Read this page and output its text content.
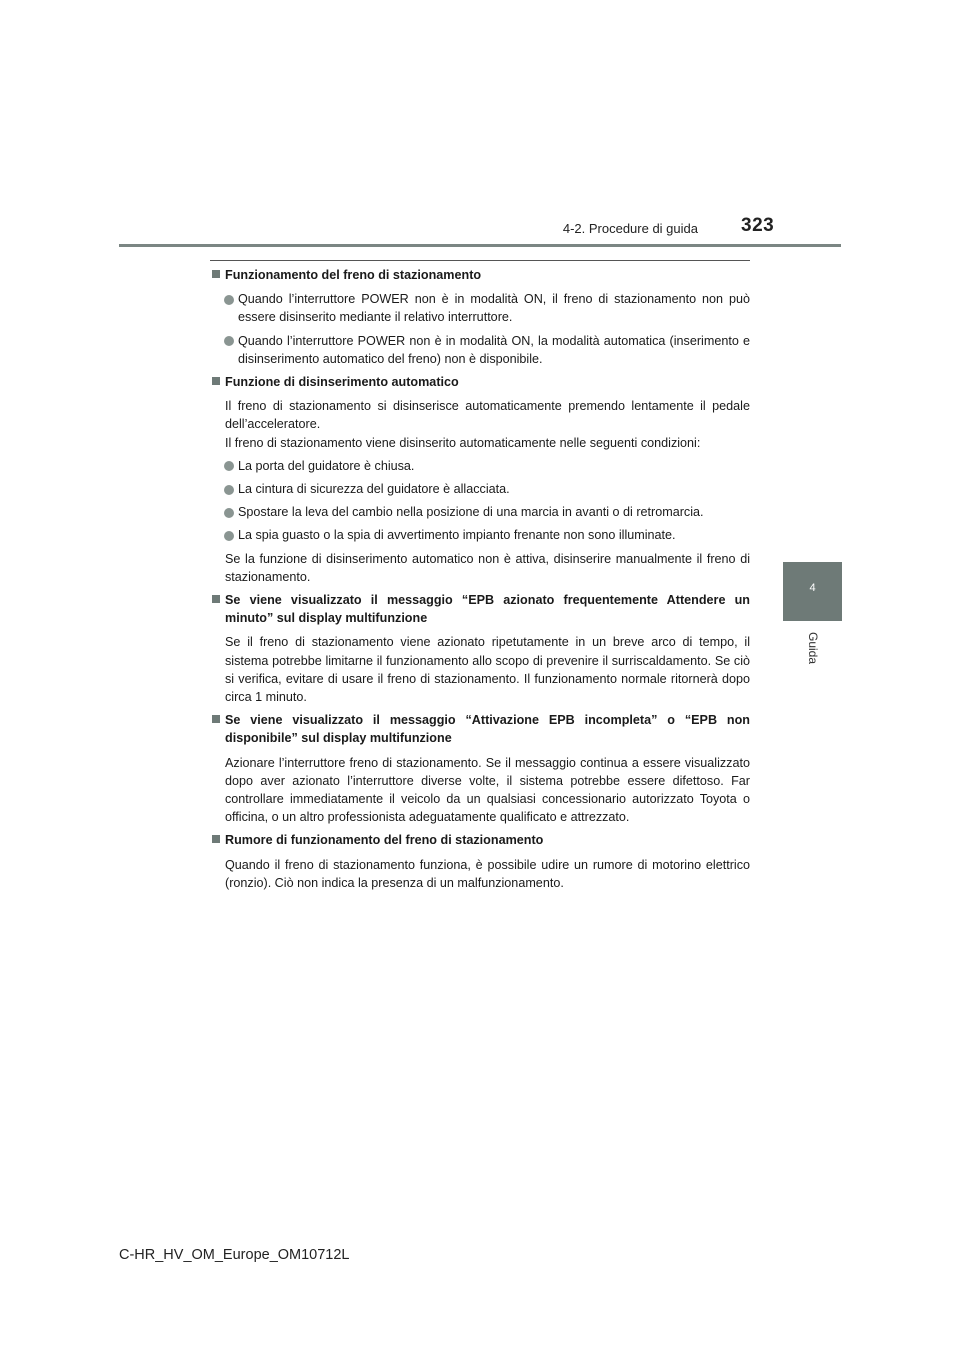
4-2. Procedure di guida 323
4
Guida
Funzionamento del freno di stazionamento
Quando l’interruttore POWER non è in modalità ON, il freno di stazionamento non può essere disinserito mediante il relativo interruttore.
Quando l’interruttore POWER non è in modalità ON, la modalità automatica (inserimento e disinserimento automatico del freno) non è disponibile.
Funzione di disinserimento automatico
Il freno di stazionamento si disinserisce automaticamente premendo lentamente il pedale dell’acceleratore.
Il freno di stazionamento viene disinserito automaticamente nelle seguenti condizioni:
La porta del guidatore è chiusa.
La cintura di sicurezza del guidatore è allacciata.
Spostare la leva del cambio nella posizione di una marcia in avanti o di retromarcia.
La spia guasto o la spia di avvertimento impianto frenante non sono illuminate.
Se la funzione di disinserimento automatico non è attiva, disinserire manualmente il freno di stazionamento.
Se viene visualizzato il messaggio “EPB azionato frequentemente Attendere un minuto” sul display multifunzione
Se il freno di stazionamento viene azionato ripetutamente in un breve arco di tempo, il sistema potrebbe limitarne il funzionamento allo scopo di prevenire il surriscaldamento. Se ciò si verifica, evitare di usare il freno di stazionamento. Il funzionamento normale ritornerà dopo circa 1 minuto.
Se viene visualizzato il messaggio “Attivazione EPB incompleta” o “EPB non disponibile” sul display multifunzione
Azionare l’interruttore freno di stazionamento. Se il messaggio continua a essere visualizzato dopo aver azionato l’interruttore diverse volte, il sistema potrebbe essere difettoso. Far controllare immediatamente il veicolo da un qualsiasi concessionario autorizzato Toyota o officina, o un altro professionista adeguatamente qualificato e attrezzato.
Rumore di funzionamento del freno di stazionamento
Quando il freno di stazionamento funziona, è possibile udire un rumore di motorino elettrico (ronzio). Ciò non indica la presenza di un malfunzionamento.
C-HR_HV_OM_Europe_OM10712L
